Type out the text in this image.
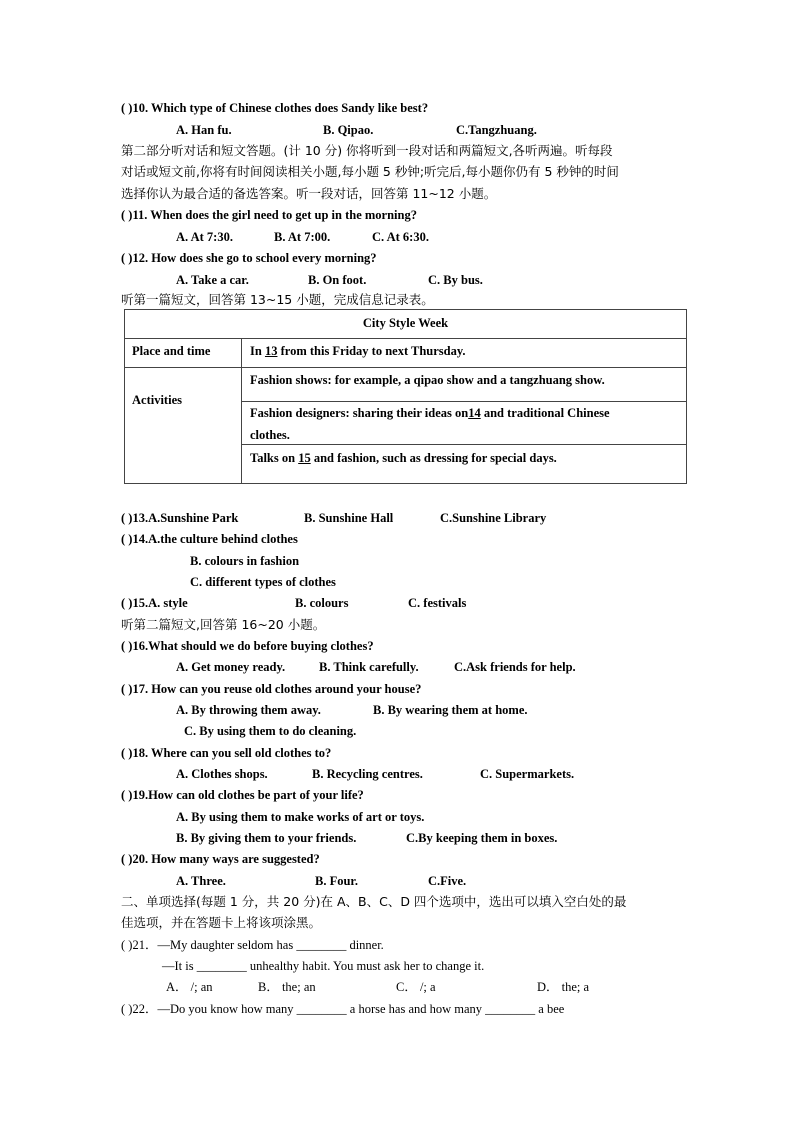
( )10. Which type of Chinese clothes does Sandy like best?
A. Han fu.	B. Qipao.	C.Tangzhuang.
第二部分听对话和短文答题。(计 10 分) 你将听到一段对话和两篇短文,各听两遍。听每段
对话或短文前,你将有时间阅读相关小题,每小题 5 秒钟;听完后,每小题你仍有 5 秒钟的时间
选择你认为最合适的备选答案。听一段对话，回答第 11~12 小题。
( )11. When does the girl need to get up in the morning?
A. At 7:30.	B. At 7:00.	C. At 6:30.
( )12. How does she go to school every morning?
A. Take a car.	B. On foot.	C. By bus.
听第一篇短文，回答第 13~15 小题，完成信息记录表。
City Style Week
Place and time	In 13 from this Friday to next Thursday.
Activities
Fashion shows: for example, a qipao show and a tangzhuang show.
Fashion designers: sharing their ideas on14 and traditional Chinese
clothes.
Talks on 15 and fashion, such as dressing for special days.
( )13.A.Sunshine Park	B. Sunshine Hall	C.Sunshine Library
( )14.A.the culture behind clothes
B. colours in fashion
C. different types of clothes
( )15.A. style	B. colours	C. festivals
听第二篇短文,回答第 16~20 小题。
( )16.What should we do before buying clothes?
A. Get money ready.	B. Think carefully.	C.Ask friends for help.
( )17. How can you reuse old clothes around your house?
A. By throwing them away.	B. By wearing them at home.
C. By using them to do cleaning.
( )18. Where can you sell old clothes to?
A. Clothes shops.	B. Recycling centres.	C. Supermarkets.
( )19.How can old clothes be part of your life?
A. By using them to make works of art or toys.
B. By giving them to your friends.	C.By keeping them in boxes.
( )20. How many ways are suggested?
A. Three.	B. Four.	C.Five.
二、单项选择(每题 1 分，共 20 分)在 A、B、C、D 四个选项中，选出可以填入空白处的最
佳选项，并在答题卡上将该项涂黑。
( )21．—My daughter seldom has ________ dinner.
—It is ________ unhealthy habit. You must ask her to change it.
A． /; an	B． the; an	C． /; a	D． the; a
( )22．—Do you know how many ________ a horse has and how many ________ a bee
